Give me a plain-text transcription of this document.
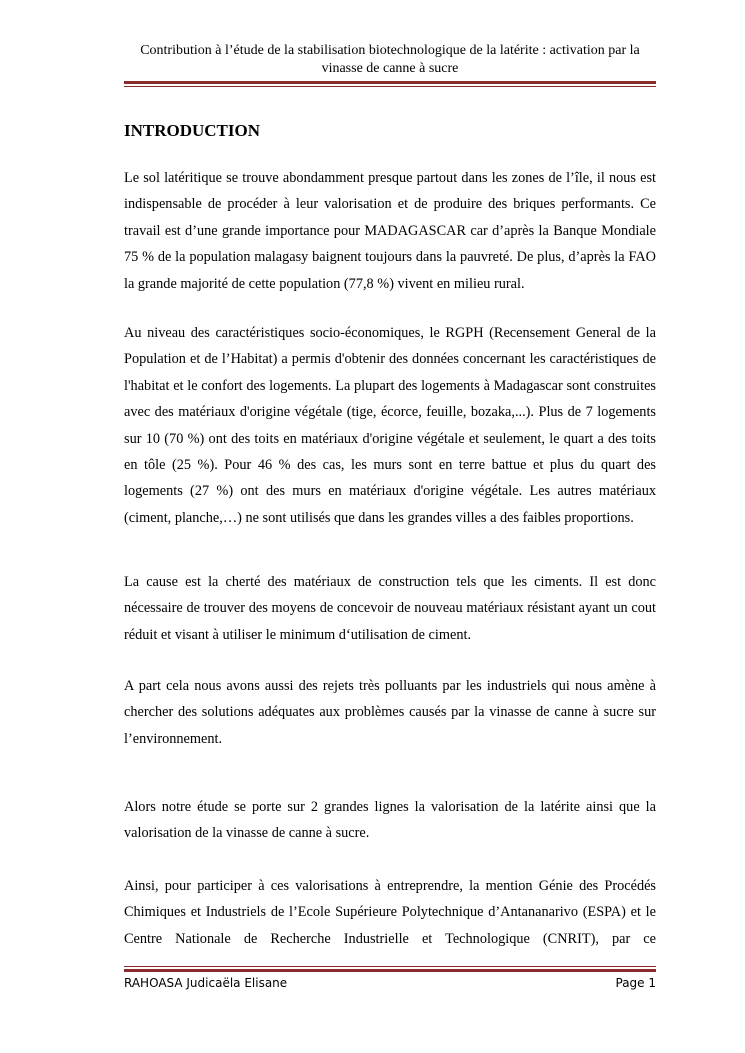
Contribution à l’étude de la stabilisation biotechnologique de la latérite : activation par la vinasse de canne à sucre
INTRODUCTION

Le sol latéritique se trouve abondamment presque partout dans les zones de l’île, il nous est indispensable de procéder à leur valorisation et de produire des briques performants. Ce travail est d’une grande importance pour MADAGASCAR car d’après la Banque Mondiale 75 % de la population malagasy baignent toujours dans la pauvreté. De plus, d’après la FAO la grande majorité de cette population (77,8 %) vivent en milieu rural.

Au niveau des caractéristiques socio-économiques, le RGPH (Recensement General de la Population et de l’Habitat) a permis d'obtenir des données concernant les caractéristiques de l'habitat et le confort des logements. La plupart des logements à Madagascar sont construites avec des matériaux d'origine végétale (tige, écorce, feuille, bozaka,...). Plus de 7 logements sur 10 (70 %) ont des toits en matériaux d'origine végétale et seulement, le quart a des toits en tôle (25 %). Pour 46 % des cas, les murs sont en terre battue et plus du quart des logements (27 %) ont des murs en matériaux d'origine végétale. Les autres matériaux (ciment, planche,…) ne sont utilisés que dans les grandes villes a des faibles proportions.

La cause est la cherté des matériaux de construction tels que les ciments. Il est donc nécessaire de trouver des moyens de concevoir de nouveau matériaux résistant ayant un cout réduit et visant à utiliser le minimum d‘utilisation de ciment.

A part cela nous avons aussi des rejets très polluants par les industriels qui nous amène à chercher des solutions adéquates aux problèmes causés par la vinasse de canne à sucre sur l’environnement.

Alors notre étude se porte sur 2 grandes lignes la valorisation de la latérite ainsi que la valorisation de la vinasse de canne à sucre.

Ainsi, pour participer à ces valorisations à entreprendre, la mention Génie des Procédés Chimiques et Industriels de l’Ecole Supérieure Polytechnique d’Antananarivo (ESPA) et le Centre Nationale de Recherche Industrielle et Technologique (CNRIT), par ce

RAHOASA Judicaëla Elisane	Page 1
